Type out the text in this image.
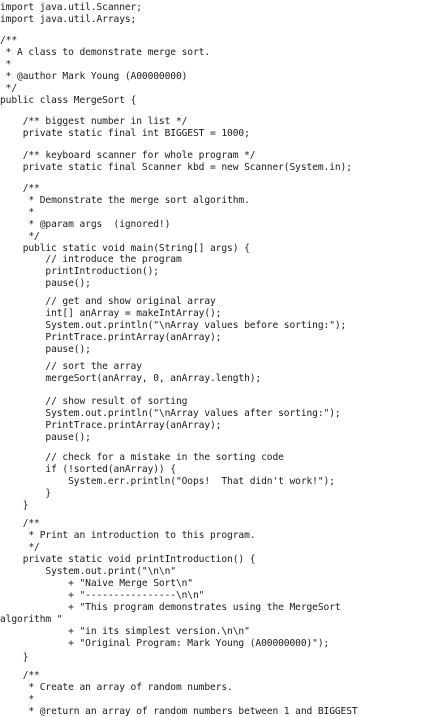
import java.util.Scanner;
import java.util.Arrays;
/**
* A class to demonstrate merge sort.
*
* @author Mark Young (A00000000)
*/
public class MergeSort {
/** biggest number in list */
private static final int BIGGEST = 1000;
/** keyboard scanner for whole program */
private static final Scanner kbd = new Scanner(System.in);
/**
* Demonstrate the merge sort algorithm.
*
* @param args  (ignored!)
*/
public static void main(String[] args) {
// introduce the program
printIntroduction();
pause();
// get and show original array
int[] anArray = makeIntArray();
System.out.println("\nArray values before sorting:");
PrintTrace.printArray(anArray);
pause();
// sort the array
mergeSort(anArray, 0, anArray.length);
// show result of sorting
System.out.println("\nArray values after sorting:");
PrintTrace.printArray(anArray);
pause();
// check for a mistake in the sorting code
if (!sorted(anArray)) {
System.err.println("Oops!  That didn't work!");
}
}
/**
* Print an introduction to this program.
*/
private static void printIntroduction() {
System.out.print("\n\n"
+ "Naive Merge Sort\n"
+ "----------------\n\n"
+ "This program demonstrates using the MergeSort
algorithm "
+ "in its simplest version.\n\n"
+ "Original Program: Mark Young (A00000000)");
}
/**
* Create an array of random numbers.
*
* @return an array of random numbers between 1 and BIGGEST
